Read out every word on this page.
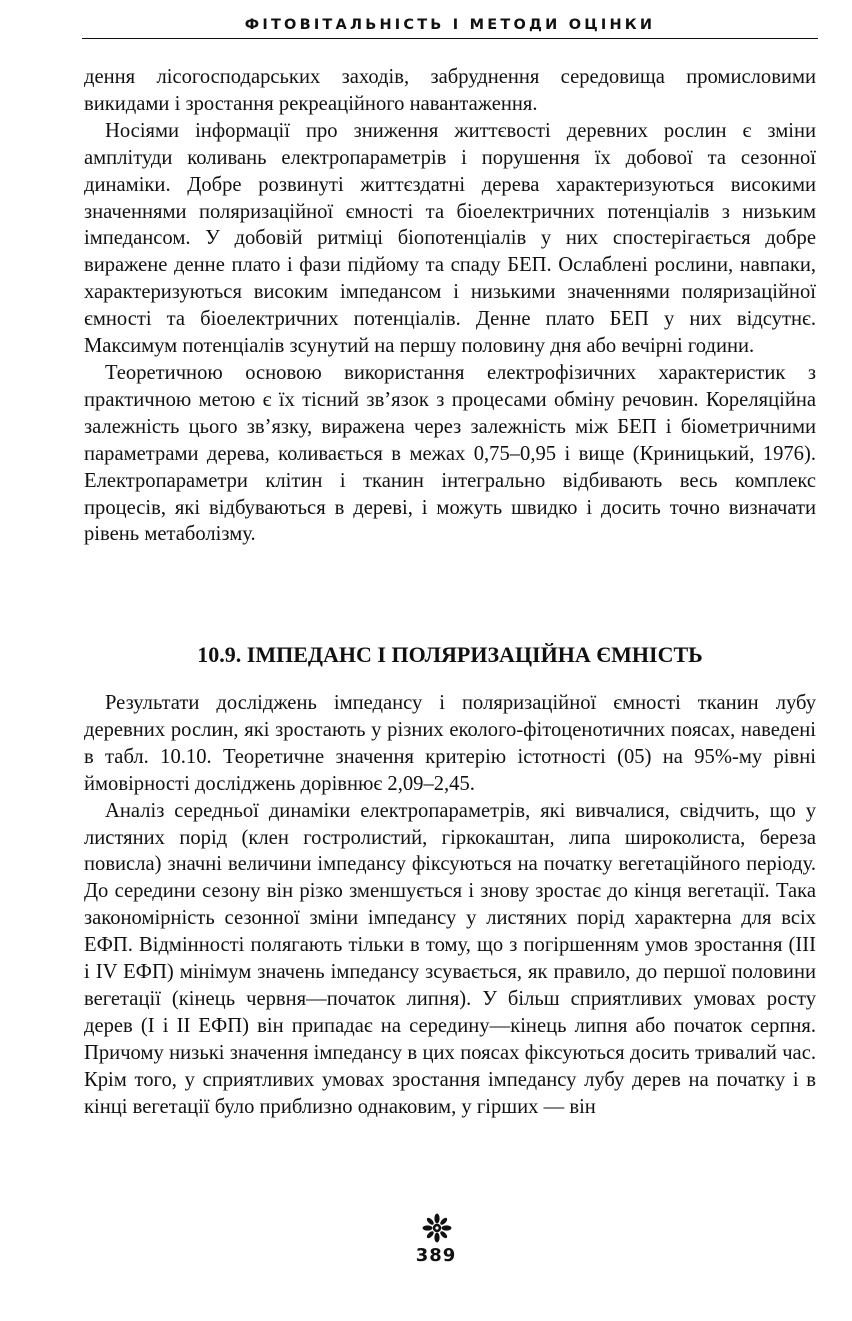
ФІТОВІТАЛЬНІСТЬ І МЕТОДИ ОЦІНКИ

дення лісогосподарських заходів, забруднення середовища промисловими викидами і зростання рекреаційного навантаження.

Носіями інформації про зниження життєвості деревних рослин є зміни амплітуди коливань електропараметрів і порушення їх добової та сезонної динаміки. Добре розвинуті життєздатні дерева характеризуються високими значеннями поляризаційної ємності та біоелектричних потенціалів з низьким імпедансом. У добовій ритміці біопотенціалів у них спостерігається добре виражене денне плато і фази підйому та спаду БЕП. Ослаблені рослини, навпаки, характеризуються високим імпедансом і низькими значеннями поляризаційної ємності та біоелектричних потенціалів. Денне плато БЕП у них відсутнє. Максимум потенціалів зсунутий на першу половину дня або вечірні години.

Теоретичною основою використання електрофізичних характеристик з практичною метою є їх тісний зв’язок з процесами обміну речовин. Кореляційна залежність цього зв’язку, виражена через залежність між БЕП і біометричними параметрами дерева, коливається в межах 0,75–0,95 і вище (Криницький, 1976). Електропараметри клітин і тканин інтегрально відбивають весь комплекс процесів, які відбуваються в дереві, і можуть швидко і досить точно визначати рівень метаболізму.

10.9. ІМПЕДАНС І ПОЛЯРИЗАЦІЙНА ЄМНІСТЬ

Результати досліджень імпедансу і поляризаційної ємності тканин лубу деревних рослин, які зростають у різних еколого-фітоценотичних поясах, наведені в табл. 10.10. Теоретичне значення критерію істотності (05) на 95%-му рівні ймовірності досліджень дорівнює 2,09–2,45.

Аналіз середньої динаміки електропараметрів, які вивчалися, свідчить, що у листяних порід (клен гостролистий, гіркокаштан, липа широколиста, береза повисла) значні величини імпедансу фіксуються на початку вегетаційного періоду. До середини сезону він різко зменшується і знову зростає до кінця вегетації. Така закономірність сезонної зміни імпедансу у листяних порід характерна для всіх ЕФП. Відмінності полягають тільки в тому, що з погіршенням умов зростання (III і IV ЕФП) мінімум значень імпедансу зсувається, як правило, до першої половини вегетації (кінець червня—початок липня). У більш сприятливих умовах росту дерев (I і II ЕФП) він припадає на середину—кінець липня або початок серпня. Причому низькі значення імпедансу в цих поясах фіксуються досить тривалий час. Крім того, у сприятливих умовах зростання імпедансу лубу дерев на початку і в кінці вегетації було приблизно однаковим, у гірших — він

389
